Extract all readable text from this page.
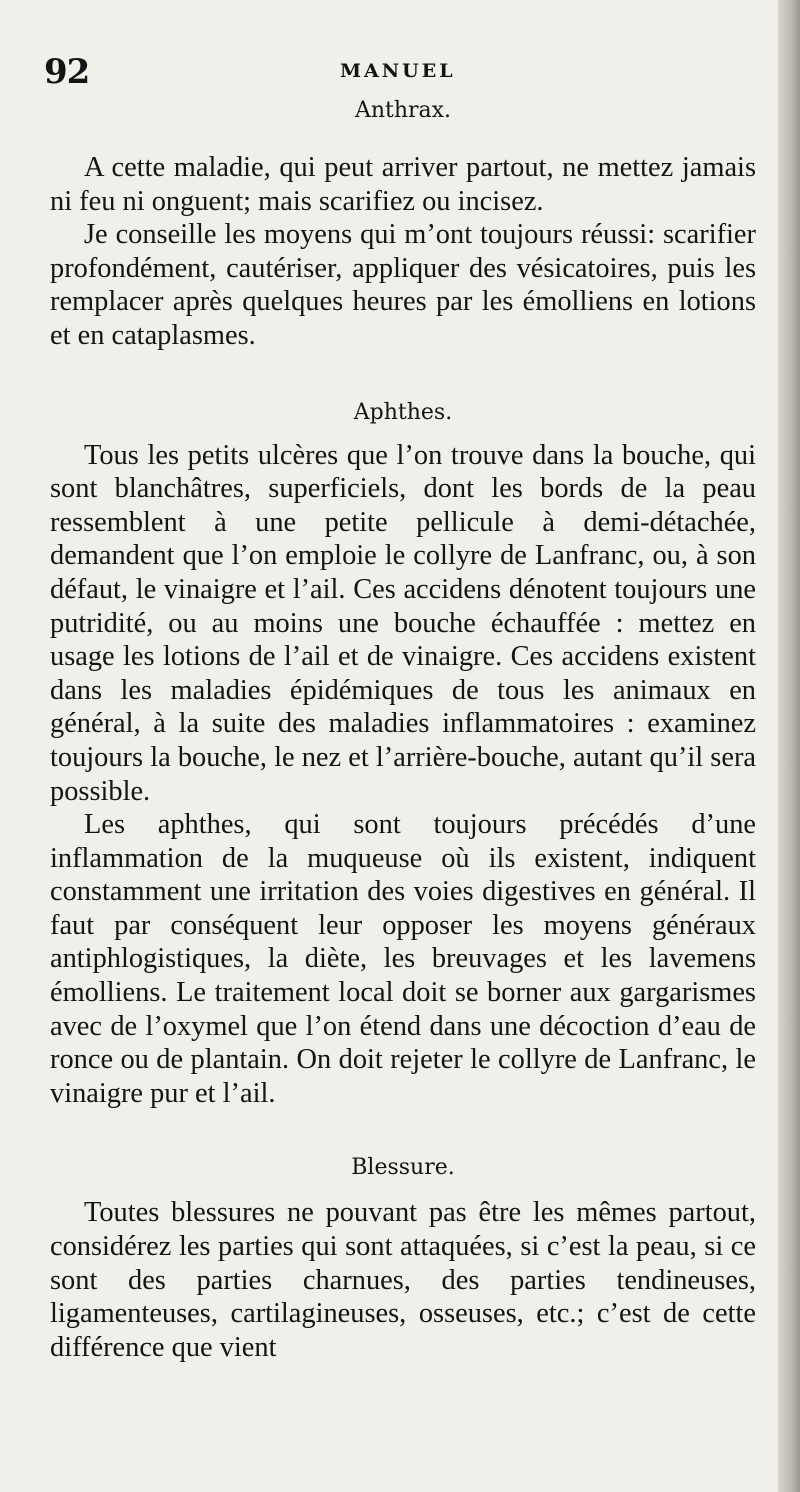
92	MANUEL
Anthrax.

A cette maladie, qui peut arriver partout, ne mettez jamais ni feu ni onguent; mais scarifiez ou incisez.

Je conseille les moyens qui m’ont toujours réussi: scarifier profondément, cautériser, appliquer des vésicatoires, puis les remplacer après quelques heures par les émolliens en lotions et en cataplasmes.

Aphthes.

Tous les petits ulcères que l’on trouve dans la bouche, qui sont blanchâtres, superficiels, dont les bords de la peau ressemblent à une petite pellicule à demi-détachée, demandent que l’on emploie le collyre de Lanfranc, ou, à son défaut, le vinaigre et l’ail. Ces accidens dénotent toujours une putridité, ou au moins une bouche échauffée : mettez en usage les lotions de l’ail et de vinaigre. Ces accidens existent dans les maladies épidémiques de tous les animaux en général, à la suite des maladies inflammatoires : examinez toujours la bouche, le nez et l’arrière-bouche, autant qu’il sera possible.

Les aphthes, qui sont toujours précédés d’une inflammation de la muqueuse où ils existent, indiquent constamment une irritation des voies digestives en général. Il faut par conséquent leur opposer les moyens généraux antiphlogistiques, la diète, les breuvages et les lavemens émolliens. Le traitement local doit se borner aux gargarismes avec de l’oxymel que l’on étend dans une décoction d’eau de ronce ou de plantain. On doit rejeter le collyre de Lanfranc, le vinaigre pur et l’ail.

Blessure.

Toutes blessures ne pouvant pas être les mêmes partout, considérez les parties qui sont attaquées, si c’est la peau, si ce sont des parties charnues, des parties tendineuses, ligamenteuses, cartilagineuses, osseuses, etc.; c’est de cette différence que vient
